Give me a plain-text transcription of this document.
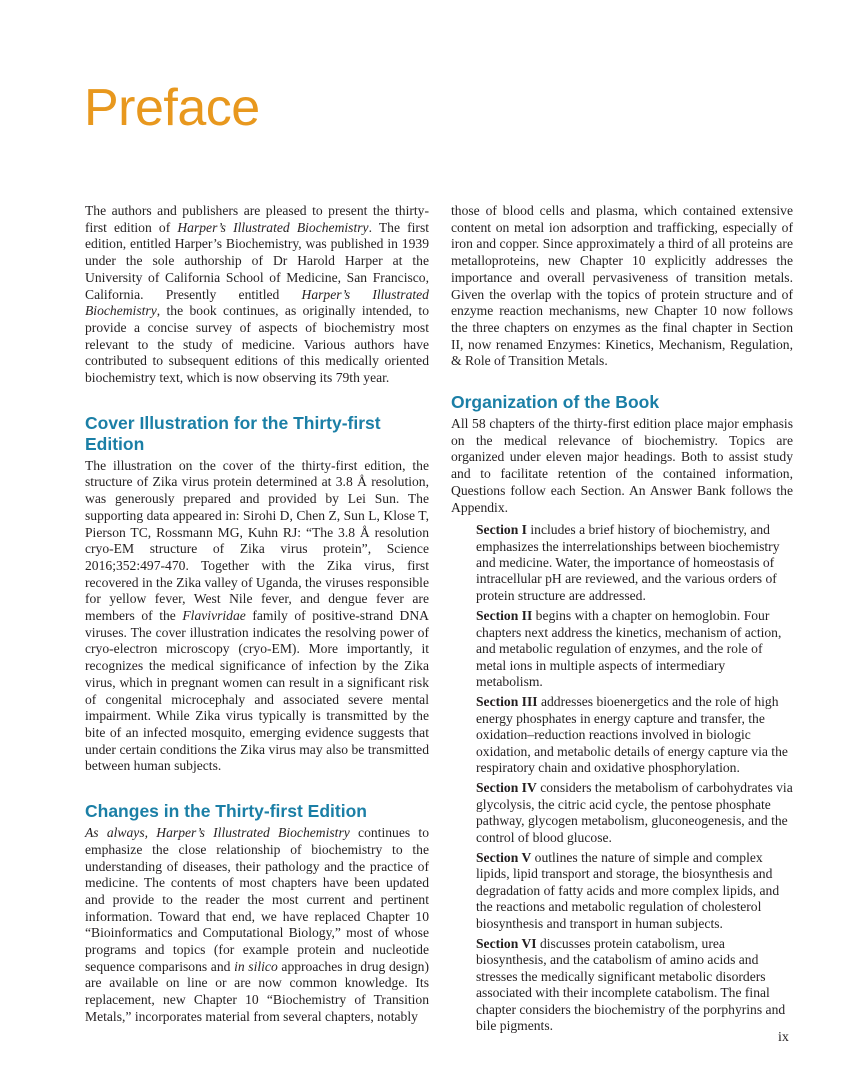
Preface

The authors and publishers are pleased to present the thirty-first edition of Harper’s Illustrated Biochemistry. The first edition, entitled Harper’s Biochemistry, was published in 1939 under the sole authorship of Dr Harold Harper at the University of California School of Medicine, San Francisco, California. Presently entitled Harper’s Illustrated Biochemistry, the book continues, as originally intended, to provide a concise survey of aspects of biochemistry most relevant to the study of medicine. Various authors have contributed to subsequent editions of this medically oriented biochemistry text, which is now observing its 79th year.

Cover Illustration for the Thirty-first Edition

The illustration on the cover of the thirty-first edition, the structure of Zika virus protein determined at 3.8 Å resolution, was generously prepared and provided by Lei Sun. The supporting data appeared in: Sirohi D, Chen Z, Sun L, Klose T, Pierson TC, Rossmann MG, Kuhn RJ: “The 3.8 Å resolution cryo-EM structure of Zika virus protein”, Science 2016;352:497-470. Together with the Zika virus, first recovered in the Zika valley of Uganda, the viruses responsible for yellow fever, West Nile fever, and dengue fever are members of the Flavivridae family of positive-strand DNA viruses. The cover illustration indicates the resolving power of cryo-electron microscopy (cryo-EM). More importantly, it recognizes the medical significance of infection by the Zika virus, which in pregnant women can result in a significant risk of congenital microcephaly and associated severe mental impairment. While Zika virus typically is transmitted by the bite of an infected mosquito, emerging evidence suggests that under certain conditions the Zika virus may also be transmitted between human subjects.

Changes in the Thirty-first Edition

As always, Harper’s Illustrated Biochemistry continues to emphasize the close relationship of biochemistry to the understanding of diseases, their pathology and the practice of medicine. The contents of most chapters have been updated and provide to the reader the most current and pertinent information. Toward that end, we have replaced Chapter 10 “Bioinformatics and Computational Biology,” most of whose programs and topics (for example protein and nucleotide sequence comparisons and in silico approaches in drug design) are available on line or are now common knowledge. Its replacement, new Chapter 10 “Biochemistry of Transition Metals,” incorporates material from several chapters, notably

those of blood cells and plasma, which contained extensive content on metal ion adsorption and trafficking, especially of iron and copper. Since approximately a third of all proteins are metalloproteins, new Chapter 10 explicitly addresses the importance and overall pervasiveness of transition metals. Given the overlap with the topics of protein structure and of enzyme reaction mechanisms, new Chapter 10 now follows the three chapters on enzymes as the final chapter in Section II, now renamed Enzymes: Kinetics, Mechanism, Regulation, & Role of Transition Metals.

Organization of the Book

All 58 chapters of the thirty-first edition place major emphasis on the medical relevance of biochemistry. Topics are organized under eleven major headings. Both to assist study and to facilitate retention of the contained information, Questions follow each Section. An Answer Bank follows the Appendix.

Section I includes a brief history of biochemistry, and emphasizes the interrelationships between biochemistry and medicine. Water, the importance of homeostasis of intracellular pH are reviewed, and the various orders of protein structure are addressed.

Section II begins with a chapter on hemoglobin. Four chapters next address the kinetics, mechanism of action, and metabolic regulation of enzymes, and the role of metal ions in multiple aspects of intermediary metabolism.

Section III addresses bioenergetics and the role of high energy phosphates in energy capture and transfer, the oxidation–reduction reactions involved in biologic oxidation, and metabolic details of energy capture via the respiratory chain and oxidative phosphorylation.

Section IV considers the metabolism of carbohydrates via glycolysis, the citric acid cycle, the pentose phosphate pathway, glycogen metabolism, gluconeogenesis, and the control of blood glucose.

Section V outlines the nature of simple and complex lipids, lipid transport and storage, the biosynthesis and degradation of fatty acids and more complex lipids, and the reactions and metabolic regulation of cholesterol biosynthesis and transport in human subjects.

Section VI discusses protein catabolism, urea biosynthesis, and the catabolism of amino acids and stresses the medically significant metabolic disorders associated with their incomplete catabolism. The final chapter considers the biochemistry of the porphyrins and bile pigments.

ix
